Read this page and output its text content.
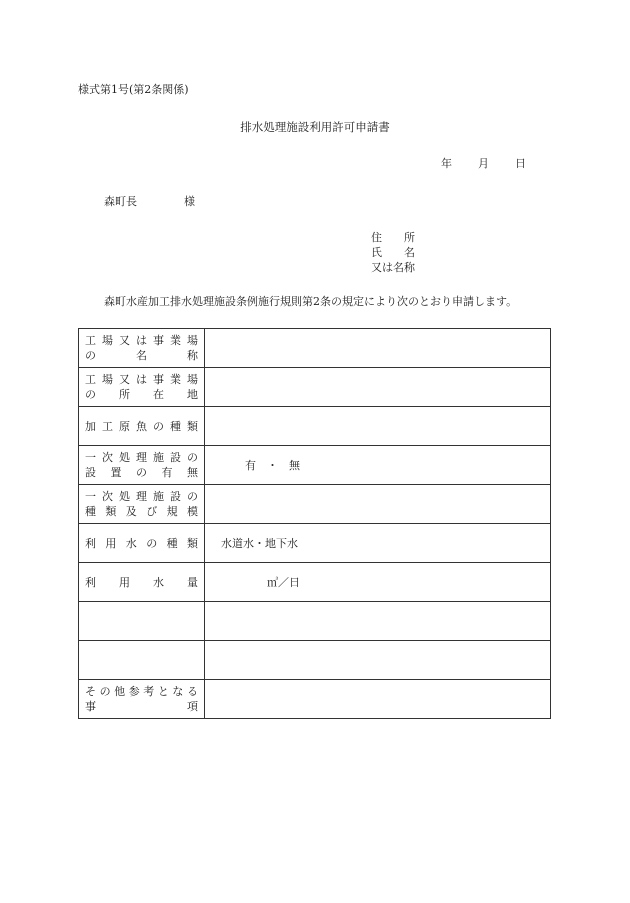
様式第1号(第2条関係)
排水処理施設利用許可申請書
年 月 日
森町長	様
住　　所
氏　　名
又は名称
森町水産加工排水処理施設条例施行規則第2条の規定により次のとおり申請します。
工場又は事業場
の名称	

工場又は事業場
の所在地	

加工原魚の種類	

一次処理施設の
設置の有無	有　・　無

一次処理施設の
種類及び規模	

利用水の種類	水道水・地下水

利用水量	㎥／日

その他参考となる
事項	
